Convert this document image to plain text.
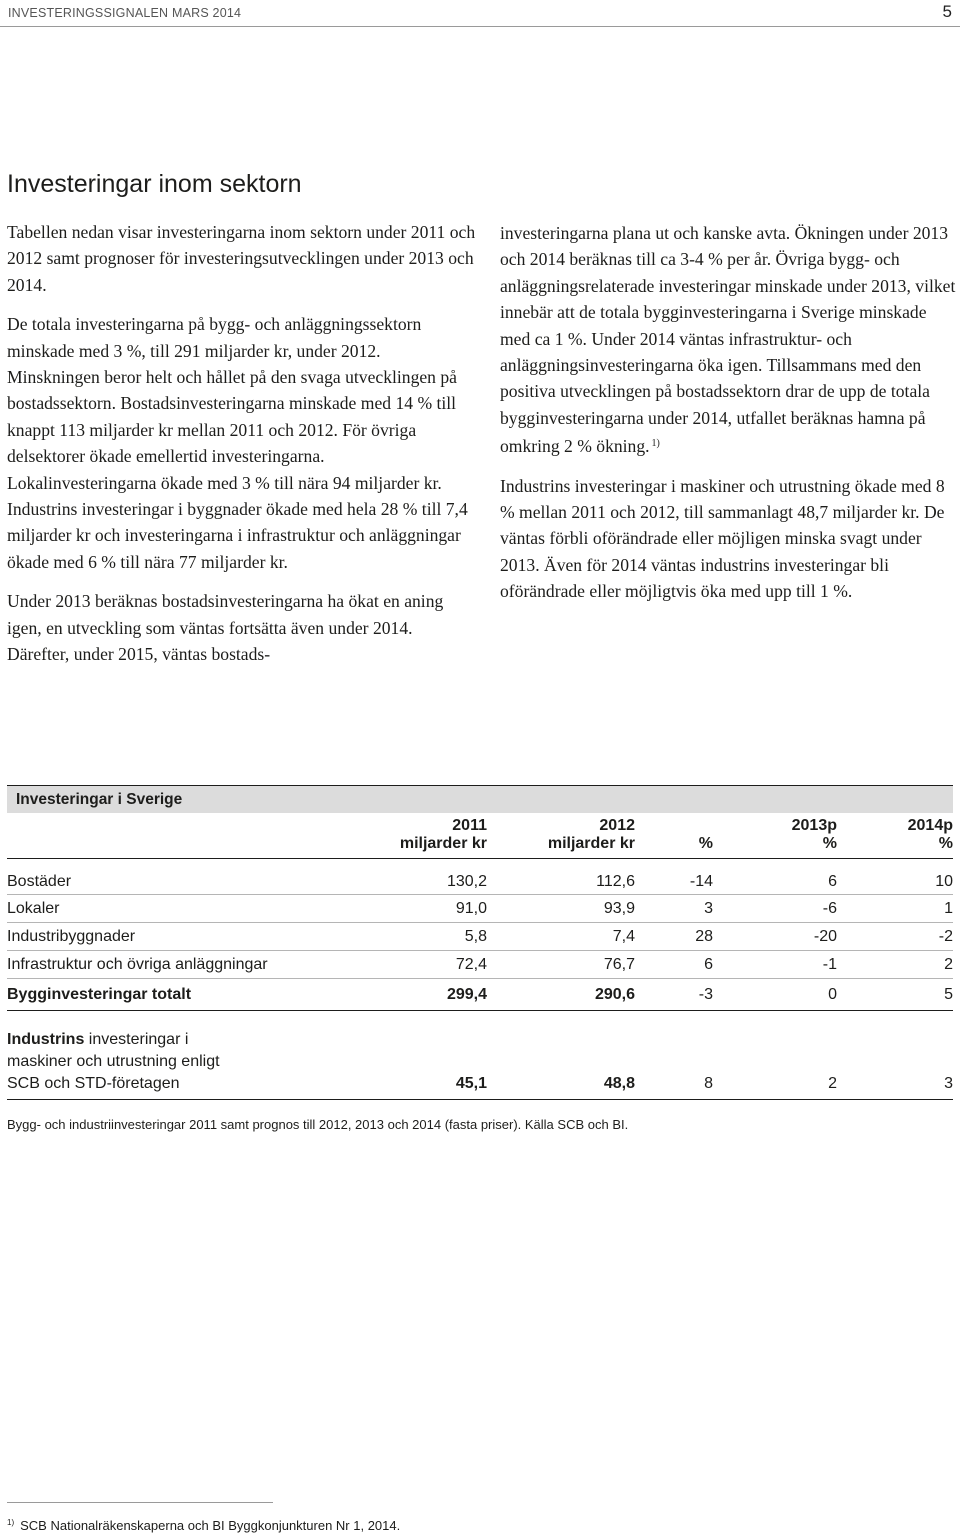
INVESTERINGSSIGNALEN MARS 2014	5
Investeringar inom sektorn

Tabellen nedan visar investeringarna inom sektorn under 2011 och 2012 samt prognoser för investeringsutvecklingen under 2013 och 2014.

De totala investeringarna på bygg- och anläggningssektorn minskade med 3 %, till 291 miljarder kr, under 2012. Minskningen beror helt och hållet på den svaga utvecklingen på bostadssektorn. Bostadsinvesteringarna minskade med 14 % till knappt 113 miljarder kr mellan 2011 och 2012. För övriga delsektorer ökade emellertid investeringarna. Lokalinvesteringarna ökade med 3 % till nära 94 miljarder kr. Industrins investeringar i byggnader ökade med hela 28 % till 7,4 miljarder kr och investeringarna i infrastruktur och anläggningar ökade med 6 % till nära 77 miljarder kr.

Under 2013 beräknas bostadsinvesteringarna ha ökat en aning igen, en utveckling som väntas fortsätta även under 2014. Därefter, under 2015, väntas bostads-

investeringarna plana ut och kanske avta. Ökningen under 2013 och 2014 beräknas till ca 3-4 % per år. Övriga bygg- och anläggningsrelaterade investeringar minskade under 2013, vilket innebär att de totala bygginvesteringarna i Sverige minskade med ca 1 %. Under 2014 väntas infrastruktur- och anläggningsinvesteringarna öka igen. Tillsammans med den positiva utvecklingen på bostadssektorn drar de upp de totala bygginvesteringarna under 2014, utfallet beräknas hamna på omkring 2 % ökning. $^{1)}$

Industrins investeringar i maskiner och utrustning ökade med 8 % mellan 2011 och 2012, till sammanlagt 48,7 miljarder kr. De väntas förbli oförändrade eller möjligen minska svagt under 2013. Även för 2014 väntas industrins investeringar bli oförändrade eller möjligtvis öka med upp till 1 %.

Investeringar i Sverige
	2011	2012		2013p	2014p
	miljarder kr	miljarder kr	%	%	%
Bostäder	130,2	112,6	-14	6	10
Lokaler	91,0	93,9	3	-6	1
Industribyggnader	5,8	7,4	28	-20	-2
Infrastruktur och övriga anläggningar	72,4	76,7	6	-1	2
Bygginvesteringar totalt	299,4	290,6	-3	0	5
Industrins investeringar i
maskiner och utrustning enligt
SCB och STD-företagen	45,1	48,8	8	2	3
Bygg- och industriinvesteringar 2011 samt prognos till 2012, 2013 och 2014 (fasta priser). Källa SCB och BI.
$^{1)}$ SCB Nationalräkenskaperna och BI Byggkonjunkturen Nr 1, 2014.
